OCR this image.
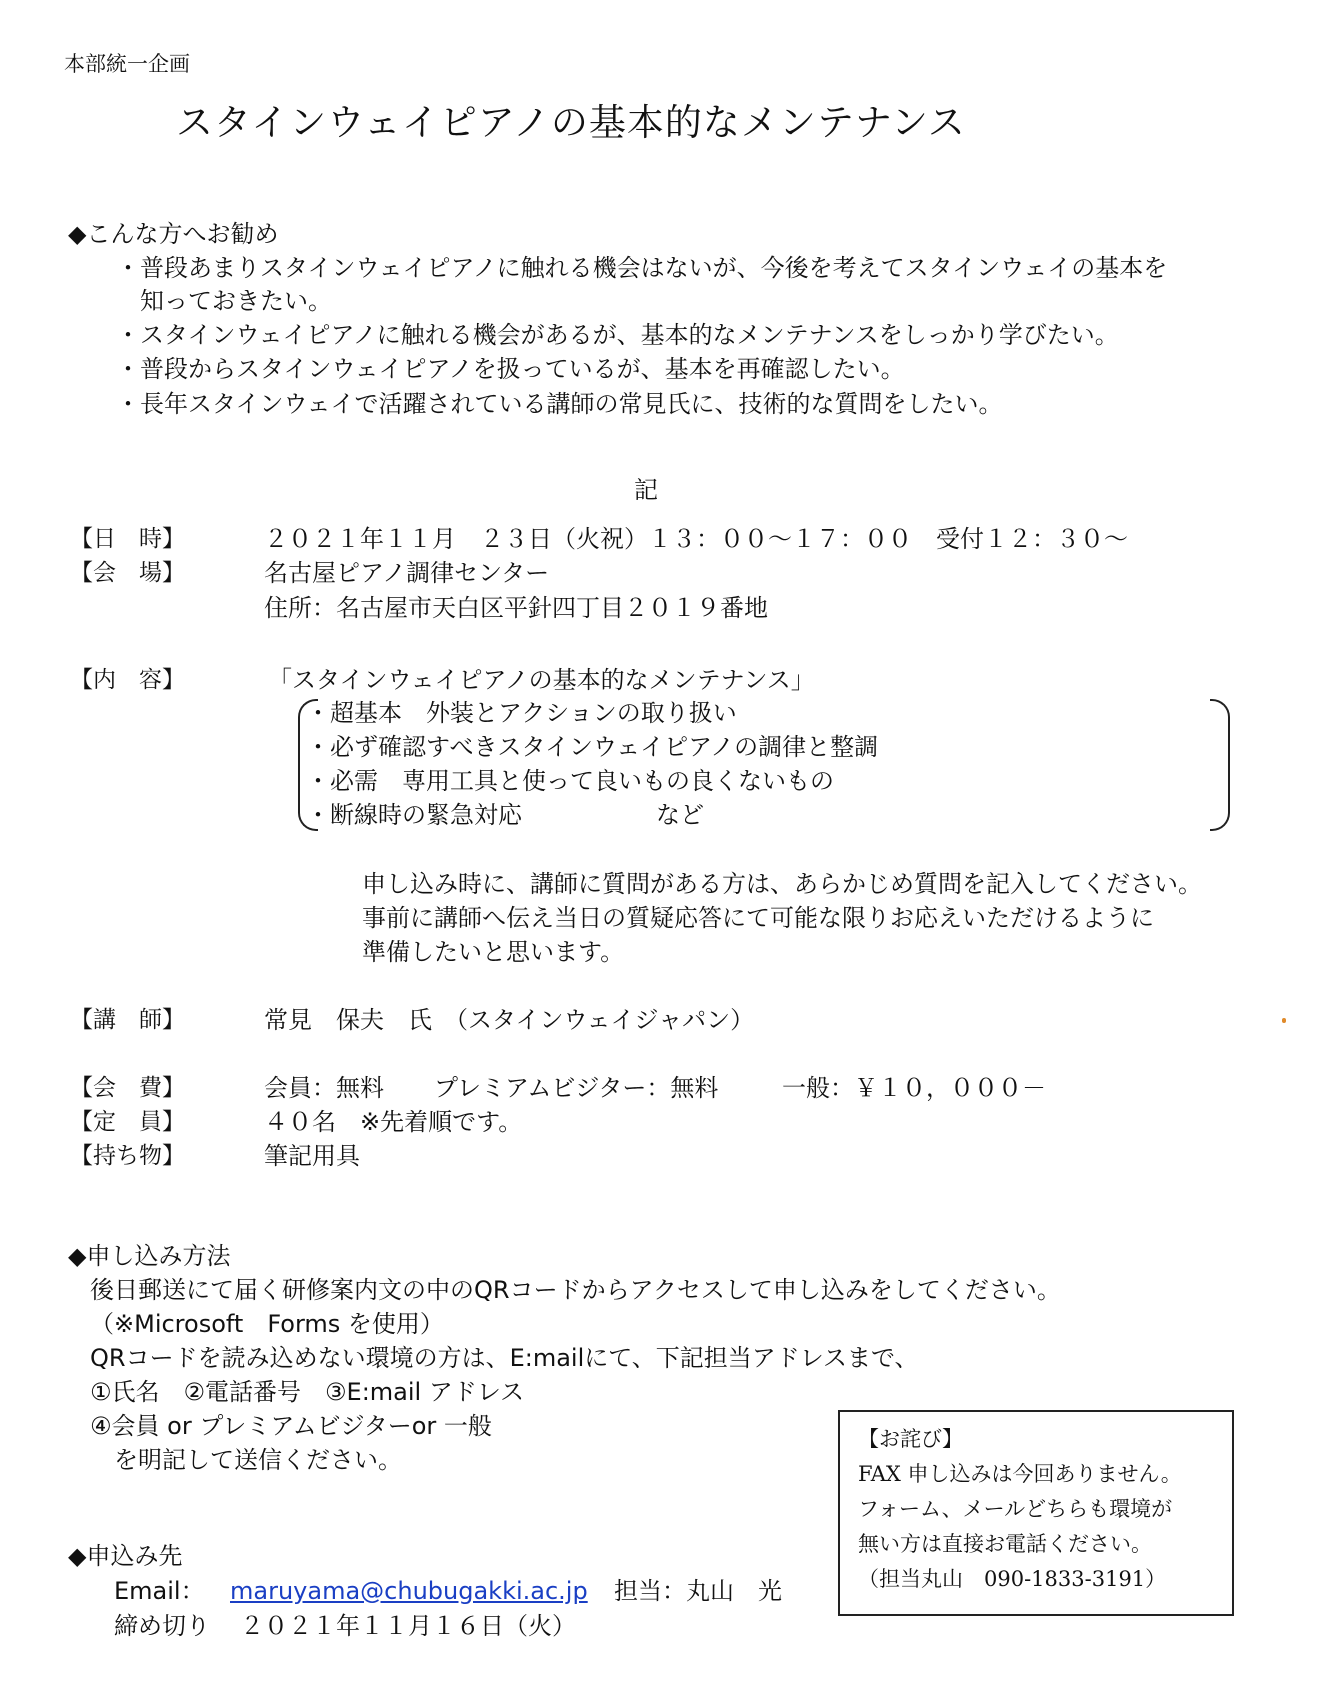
本部統一企画
スタインウェイピアノの基本的なメンテナンス
◆こんな方へお勧め
・ 普段あまりスタインウェイピアノに触れる機会はないが、今後を考えてスタインウェイの基本を
知っておきたい。
・ スタインウェイピアノに触れる機会があるが、基本的なメンテナンスをしっかり学びたい。
・ 普段からスタインウェイピアノを扱っているが、基本を再確認したい。
・ 長年スタインウェイで活躍されている講師の常見氏に、技術的な質問をしたい。
記
【日　時】	２０２１年１１月　２３日（火祝）１３：００～１７：００　受付１２：３０～
【会　場】	名古屋ピアノ調律センター
住所：名古屋市天白区平針四丁目２０１９番地
【内　容】	「スタインウェイピアノの基本的なメンテナンス」
・ 超基本　外装とアクションの取り扱い
・ 必ず確認すべきスタインウェイピアノの調律と整調
・ 必需　専用工具と使って良いもの良くないもの
・ 断線時の緊急対応	など
申し込み時に、講師に質問がある方は、あらかじめ質問を記入してください。
事前に講師へ伝え当日の質疑応答にて可能な限りお応えいただけるように
準備したいと思います。
【講　師】	常見　保夫　氏　（スタインウェイジャパン）
【会　費】	会員：無料 プレミアムビジター：無料	一般：￥１０，０００－
【定　員】	４０名　※先着順です。
【持ち物】	筆記用具
◆申し込み方法
後日郵送にて届く研修案内文の中のQRコードからアクセスして申し込みをしてください。
（※Microsoft　Forms を使用）
QRコードを読み込めない環境の方は、E:mailにて、下記担当アドレスまで、
①氏名　②電話番号　③E:mail アドレス
④会員 or プレミアムビジターor 一般
を明記して送信ください。
【お詫び】
FAX 申し込みは今回ありません。
フォーム、メールどちらも環境が
無い方は直接お電話ください。
（担当丸山　090-1833-3191）
◆申込み先
Email： maruyama@chubugakki.ac.jp 担当：丸山　光
締め切り ２０２１年１１月１６日（火）
